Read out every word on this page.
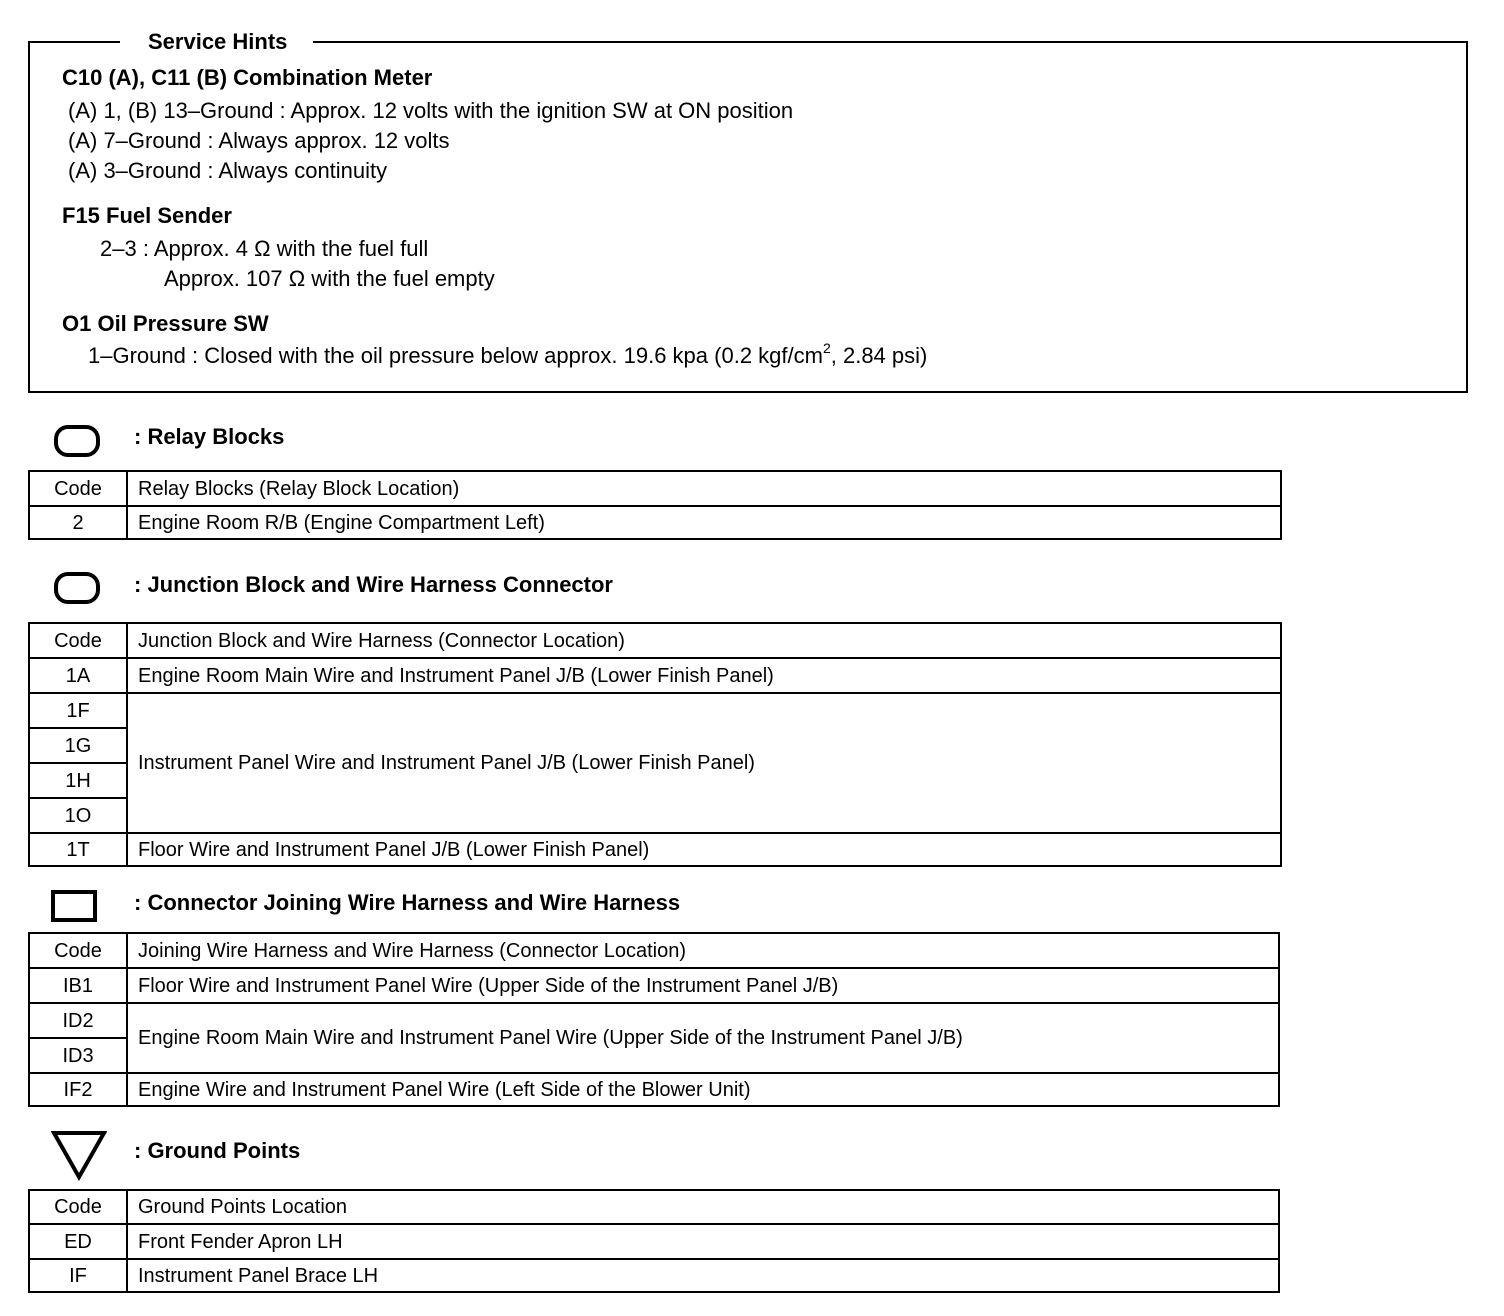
Service Hints
C10 (A), C11 (B) Combination Meter
(A) 1, (B) 13–Ground : Approx. 12 volts with the ignition SW at ON position
(A) 7–Ground : Always approx. 12 volts
(A) 3–Ground : Always continuity
F15 Fuel Sender
2–3 : Approx. 4 Ω with the fuel full
Approx. 107 Ω with the fuel empty
O1 Oil Pressure SW
1–Ground : Closed with the oil pressure below approx. 19.6 kpa (0.2 kgf/$cm^2$, 2.84 psi)
: Relay Blocks
Code	Relay Blocks (Relay Block Location)
2	Engine Room R/B (Engine Compartment Left)
: Junction Block and Wire Harness Connector
Code	Junction Block and Wire Harness (Connector Location)
1A	Engine Room Main Wire and Instrument Panel J/B (Lower Finish Panel)
1F	Instrument Panel Wire and Instrument Panel J/B (Lower Finish Panel)
1G	
1H	
1O	
1T	Floor Wire and Instrument Panel J/B (Lower Finish Panel)
: Connector Joining Wire Harness and Wire Harness
Code	Joining Wire Harness and Wire Harness (Connector Location)
IB1	Floor Wire and Instrument Panel Wire (Upper Side of the Instrument Panel J/B)
ID2	Engine Room Main Wire and Instrument Panel Wire (Upper Side of the Instrument Panel J/B)
ID3	
IF2	Engine Wire and Instrument Panel Wire (Left Side of the Blower Unit)
: Ground Points
Code	Ground Points Location
ED	Front Fender Apron LH
IF	Instrument Panel Brace LH
